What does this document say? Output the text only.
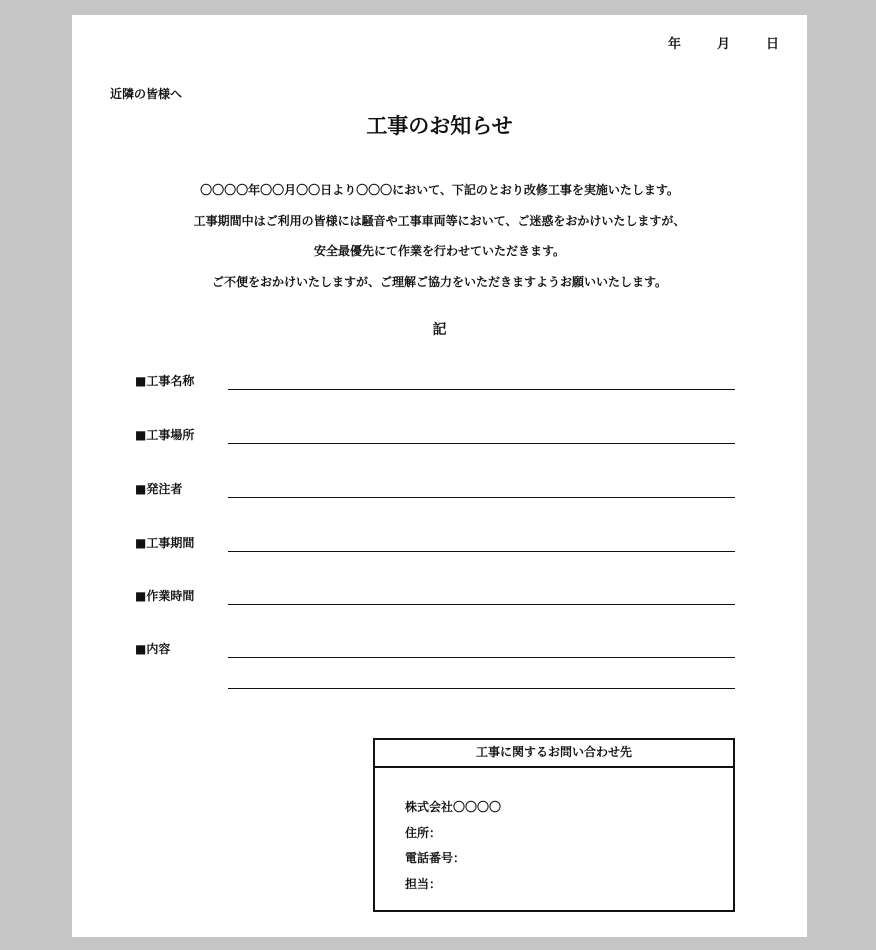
年	月	日
近隣の皆様へ
工事のお知らせ
〇〇〇〇年〇〇月〇〇日より〇〇〇において、下記のとおり改修工事を実施いたします。
工事期間中はご利用の皆様には騒音や工事車両等において、ご迷惑をおかけいたしますが、
安全最優先にて作業を行わせていただきます。
ご不便をおかけいたしますが、ご理解ご協力をいただきますようお願いいたします。
記
■工事名称
■工事場所
■発注者
■工事期間
■作業時間
■内容
工事に関するお問い合わせ先
株式会社〇〇〇〇
住所：
電話番号：
担当：
